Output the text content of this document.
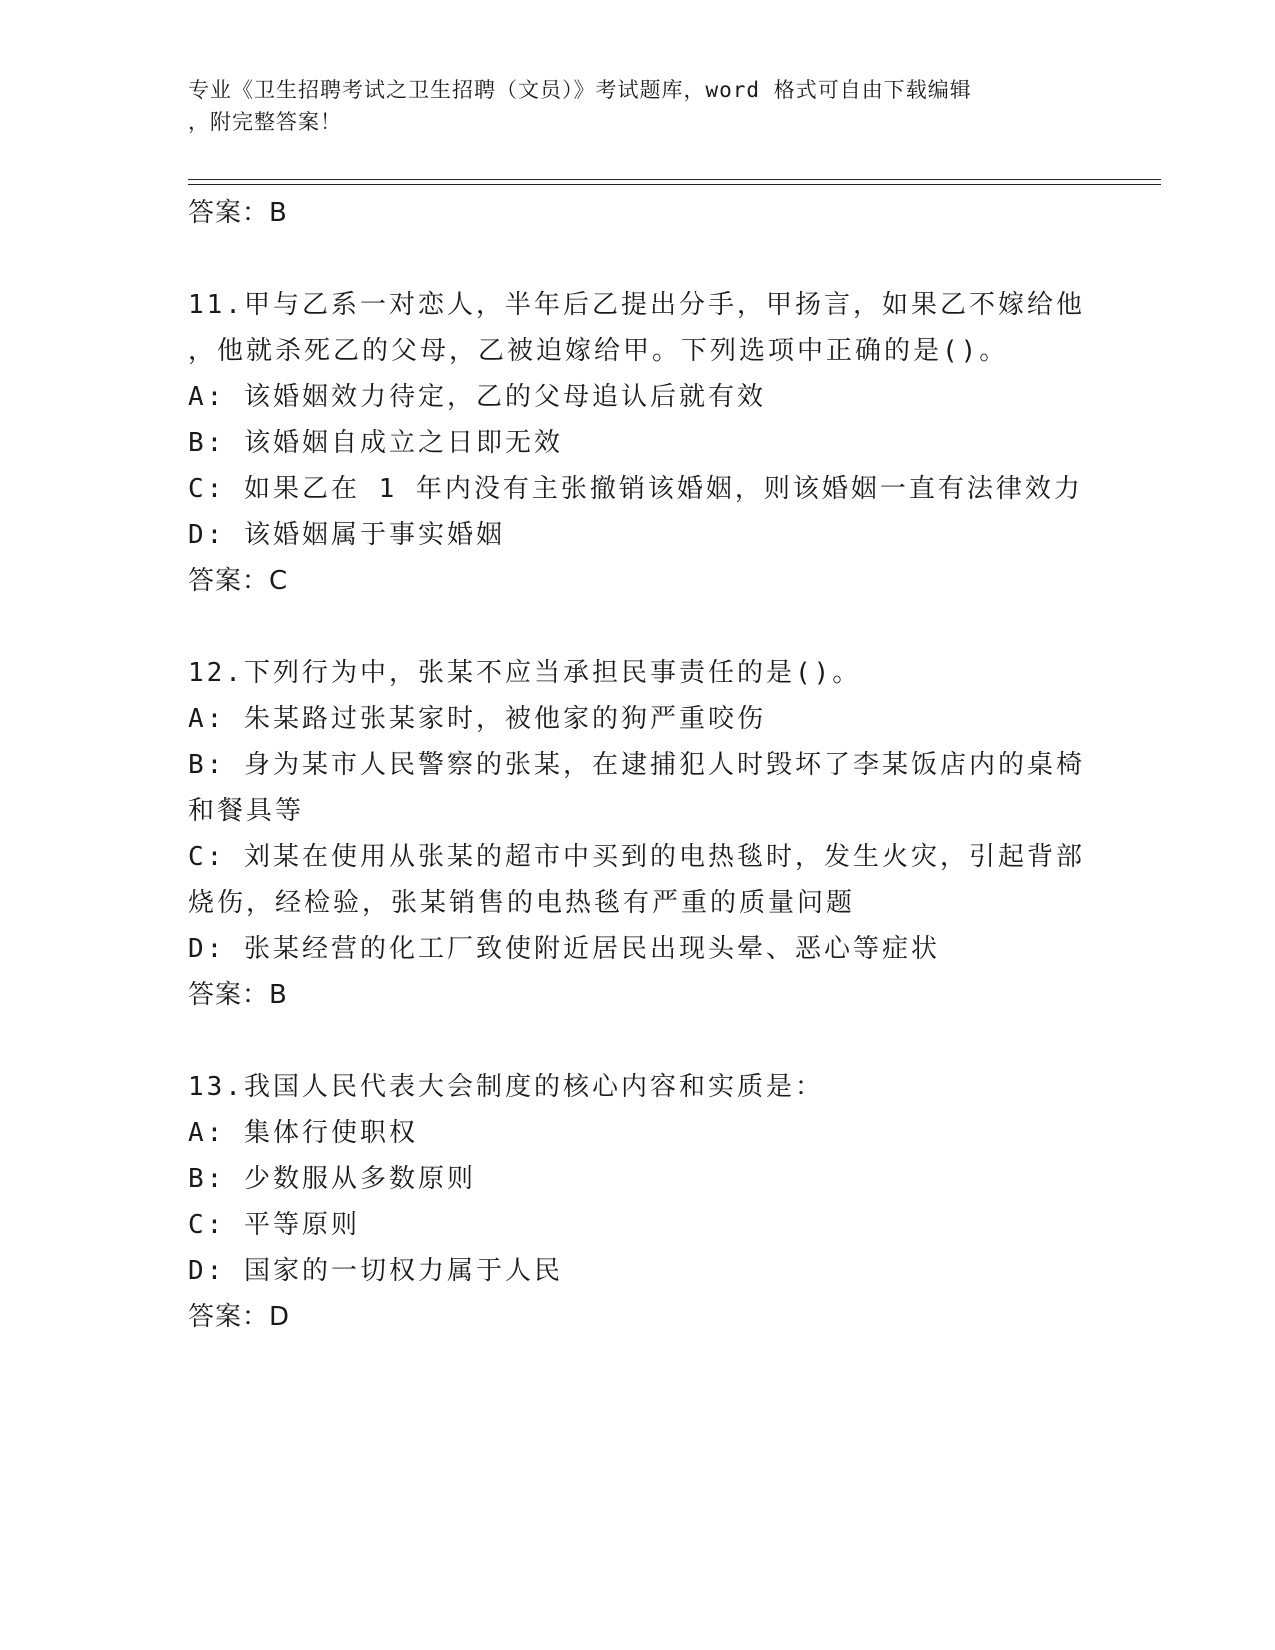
专业《卫生招聘考试之卫生招聘（文员）》考试题库，word 格式可自由下载编辑
，附完整答案！
答案：B
11.甲与乙系一对恋人，半年后乙提出分手，甲扬言，如果乙不嫁给他
，他就杀死乙的父母，乙被迫嫁给甲。下列选项中正确的是()。
A: 该婚姻效力待定，乙的父母追认后就有效
B: 该婚姻自成立之日即无效
C: 如果乙在 1 年内没有主张撤销该婚姻，则该婚姻一直有法律效力
D: 该婚姻属于事实婚姻
答案：C
12.下列行为中，张某不应当承担民事责任的是()。
A: 朱某路过张某家时，被他家的狗严重咬伤
B: 身为某市人民警察的张某，在逮捕犯人时毁坏了李某饭店内的桌椅
和餐具等
C: 刘某在使用从张某的超市中买到的电热毯时，发生火灾，引起背部
烧伤，经检验，张某销售的电热毯有严重的质量问题
D: 张某经营的化工厂致使附近居民出现头晕、恶心等症状
答案：B
13.我国人民代表大会制度的核心内容和实质是：
A: 集体行使职权
B: 少数服从多数原则
C: 平等原则
D: 国家的一切权力属于人民
答案：D
